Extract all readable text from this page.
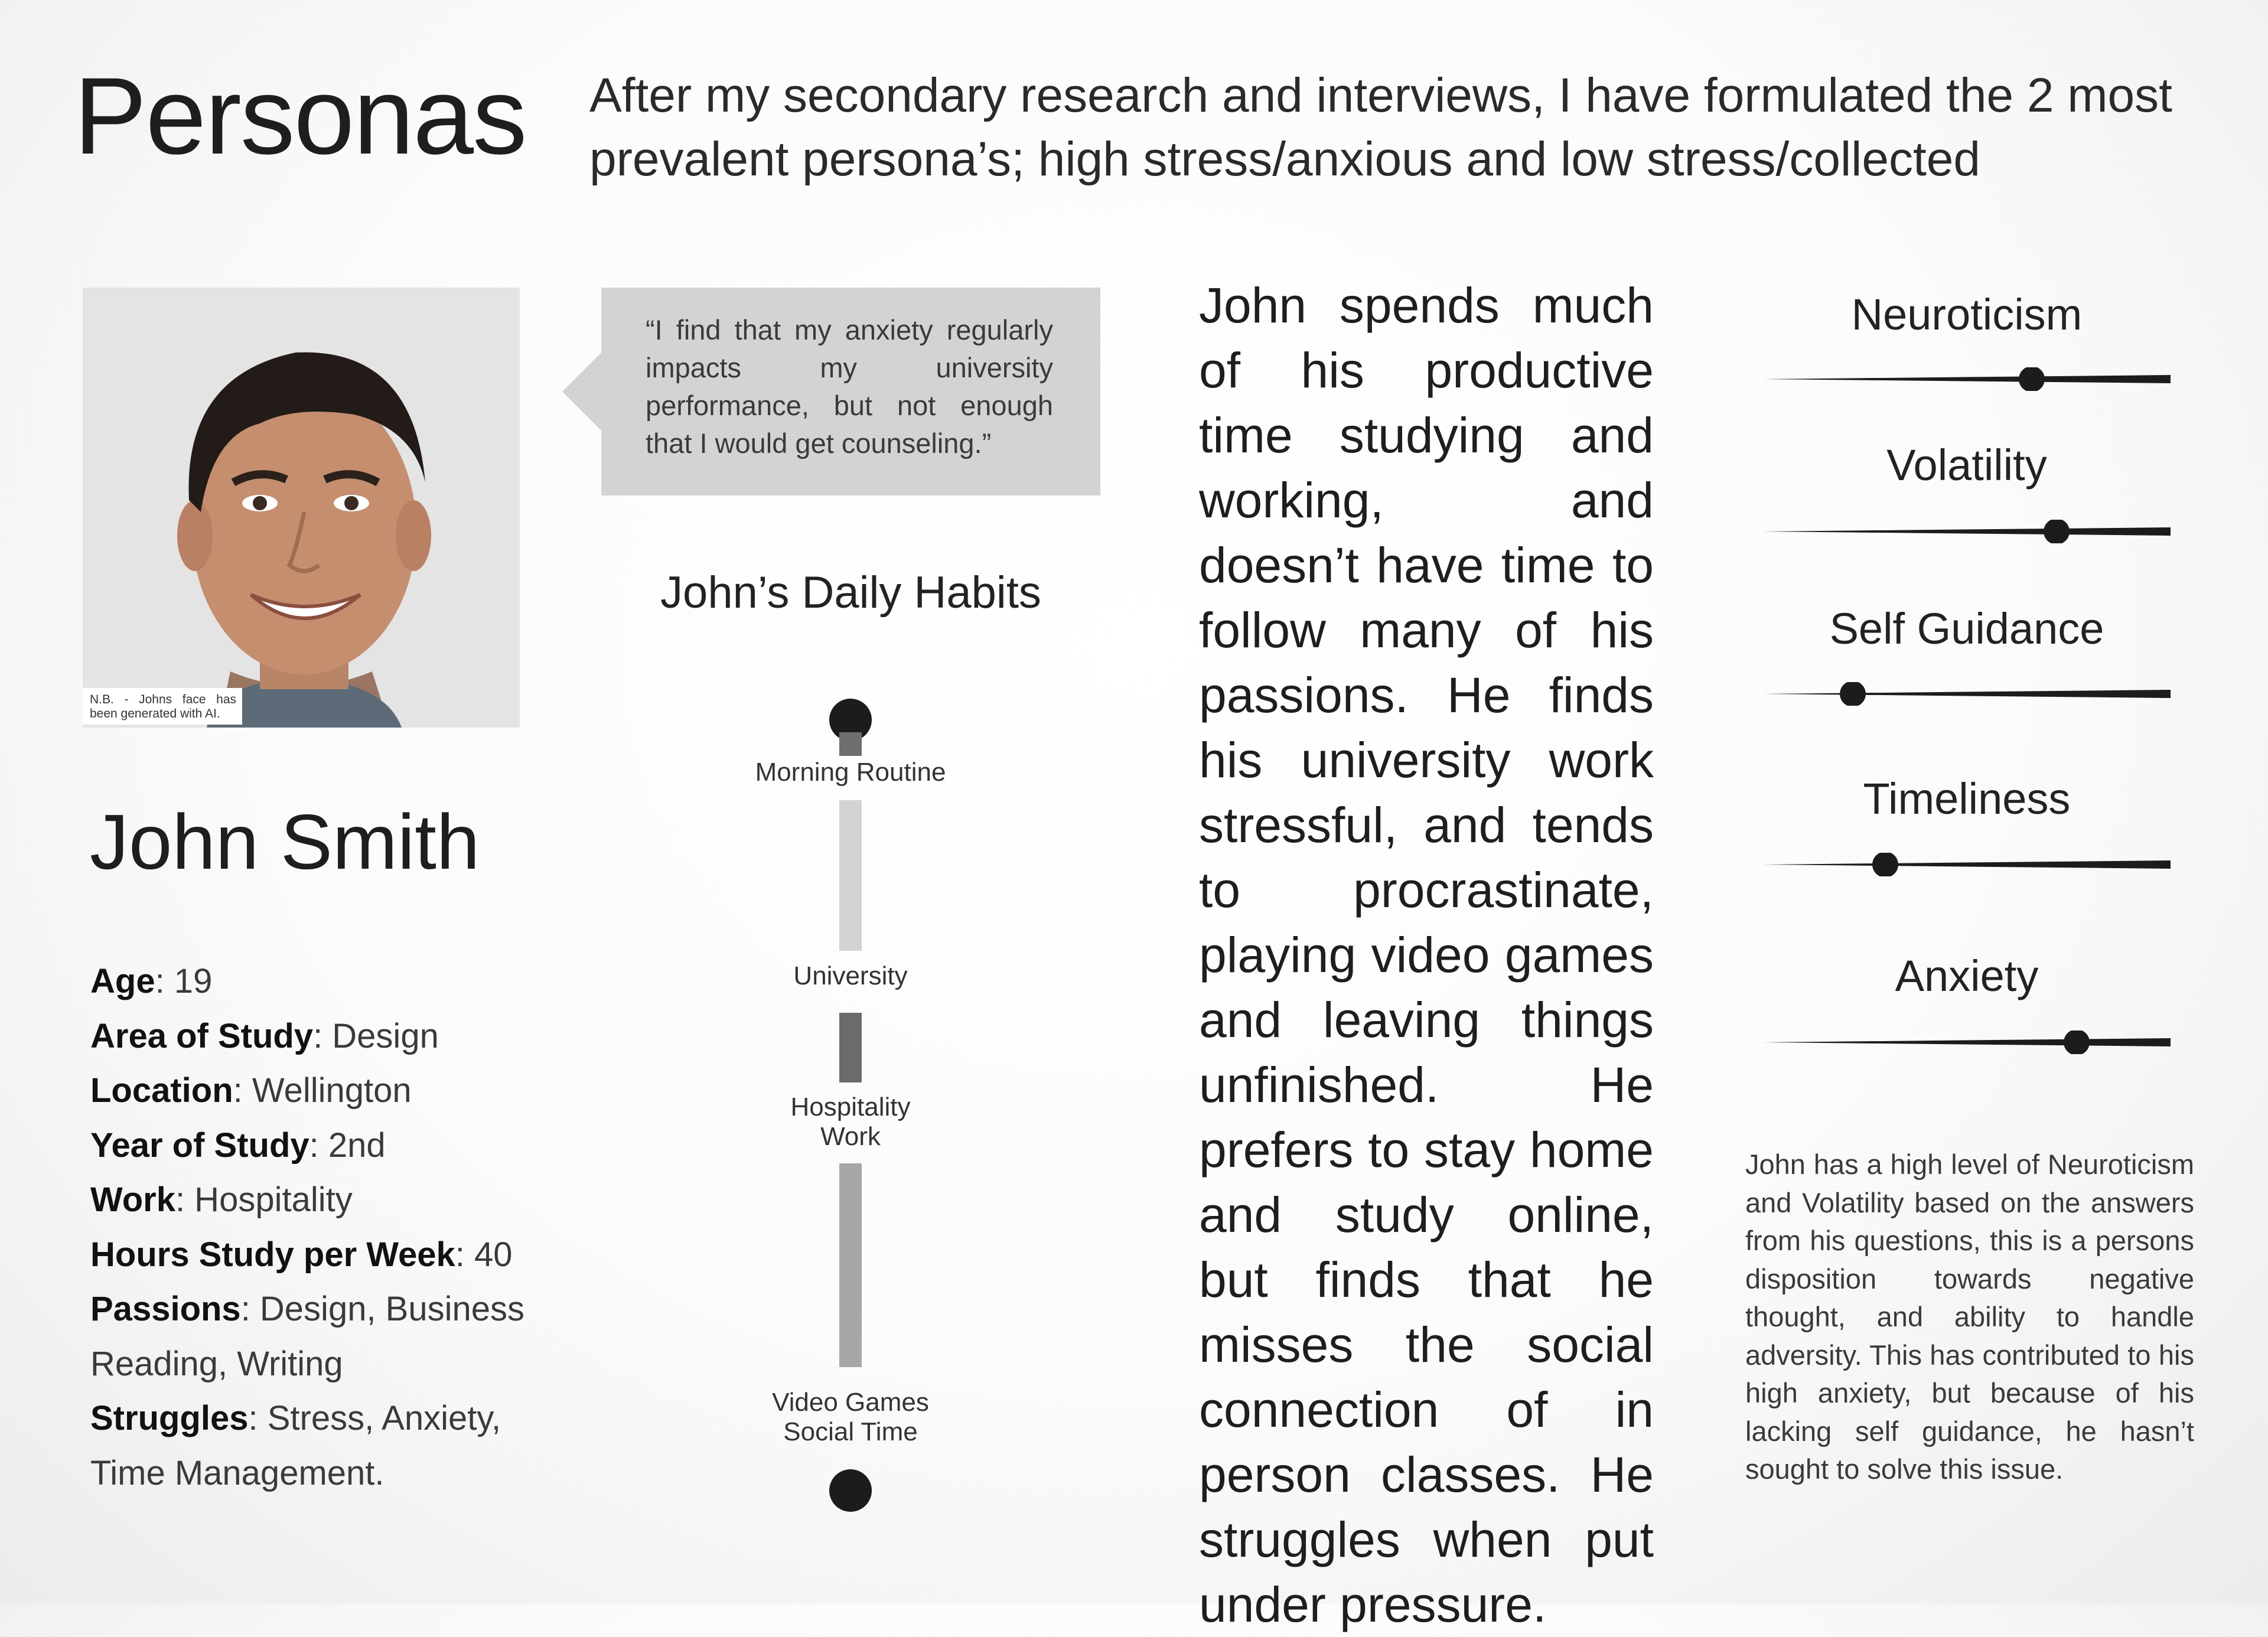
Personas After my secondary research and interviews, I have formulated the 2 most prevalent persona’s; high stress/anxious and low stress/collected
N.B. - Johns face has been generated with AI.
John Smith
Age: 19
Area of Study: Design
Location: Wellington
Year of Study: 2nd
Work: Hospitality
Hours Study per Week: 40
Passions: Design, Business
Reading, Writing
Struggles: Stress, Anxiety,
Time Management.
“I find that my anxiety regularly impacts my university performance, but not enough that I would get counseling.”
John’s Daily Habits
Morning Routine
University
Hospitality
Work
Video Games
Social Time
John spends much of his productive time studying and working, and doesn’t have time to follow many of his passions. He finds his university work stressful, and tends to procrastinate, playing video games and leaving things unfinished. He prefers to stay home and study online, but finds that he misses the social connection of in person classes. He struggles when put under pressure.
Neuroticism
Volatility
Self Guidance
Timeliness
Anxiety
John has a high level of Neuroticism and Volatility based on the answers from his questions, this is a persons disposition towards negative thought, and ability to handle adversity. This has contributed to his high anxiety, but because of his lacking self guidance, he hasn’t sought to solve this issue.
